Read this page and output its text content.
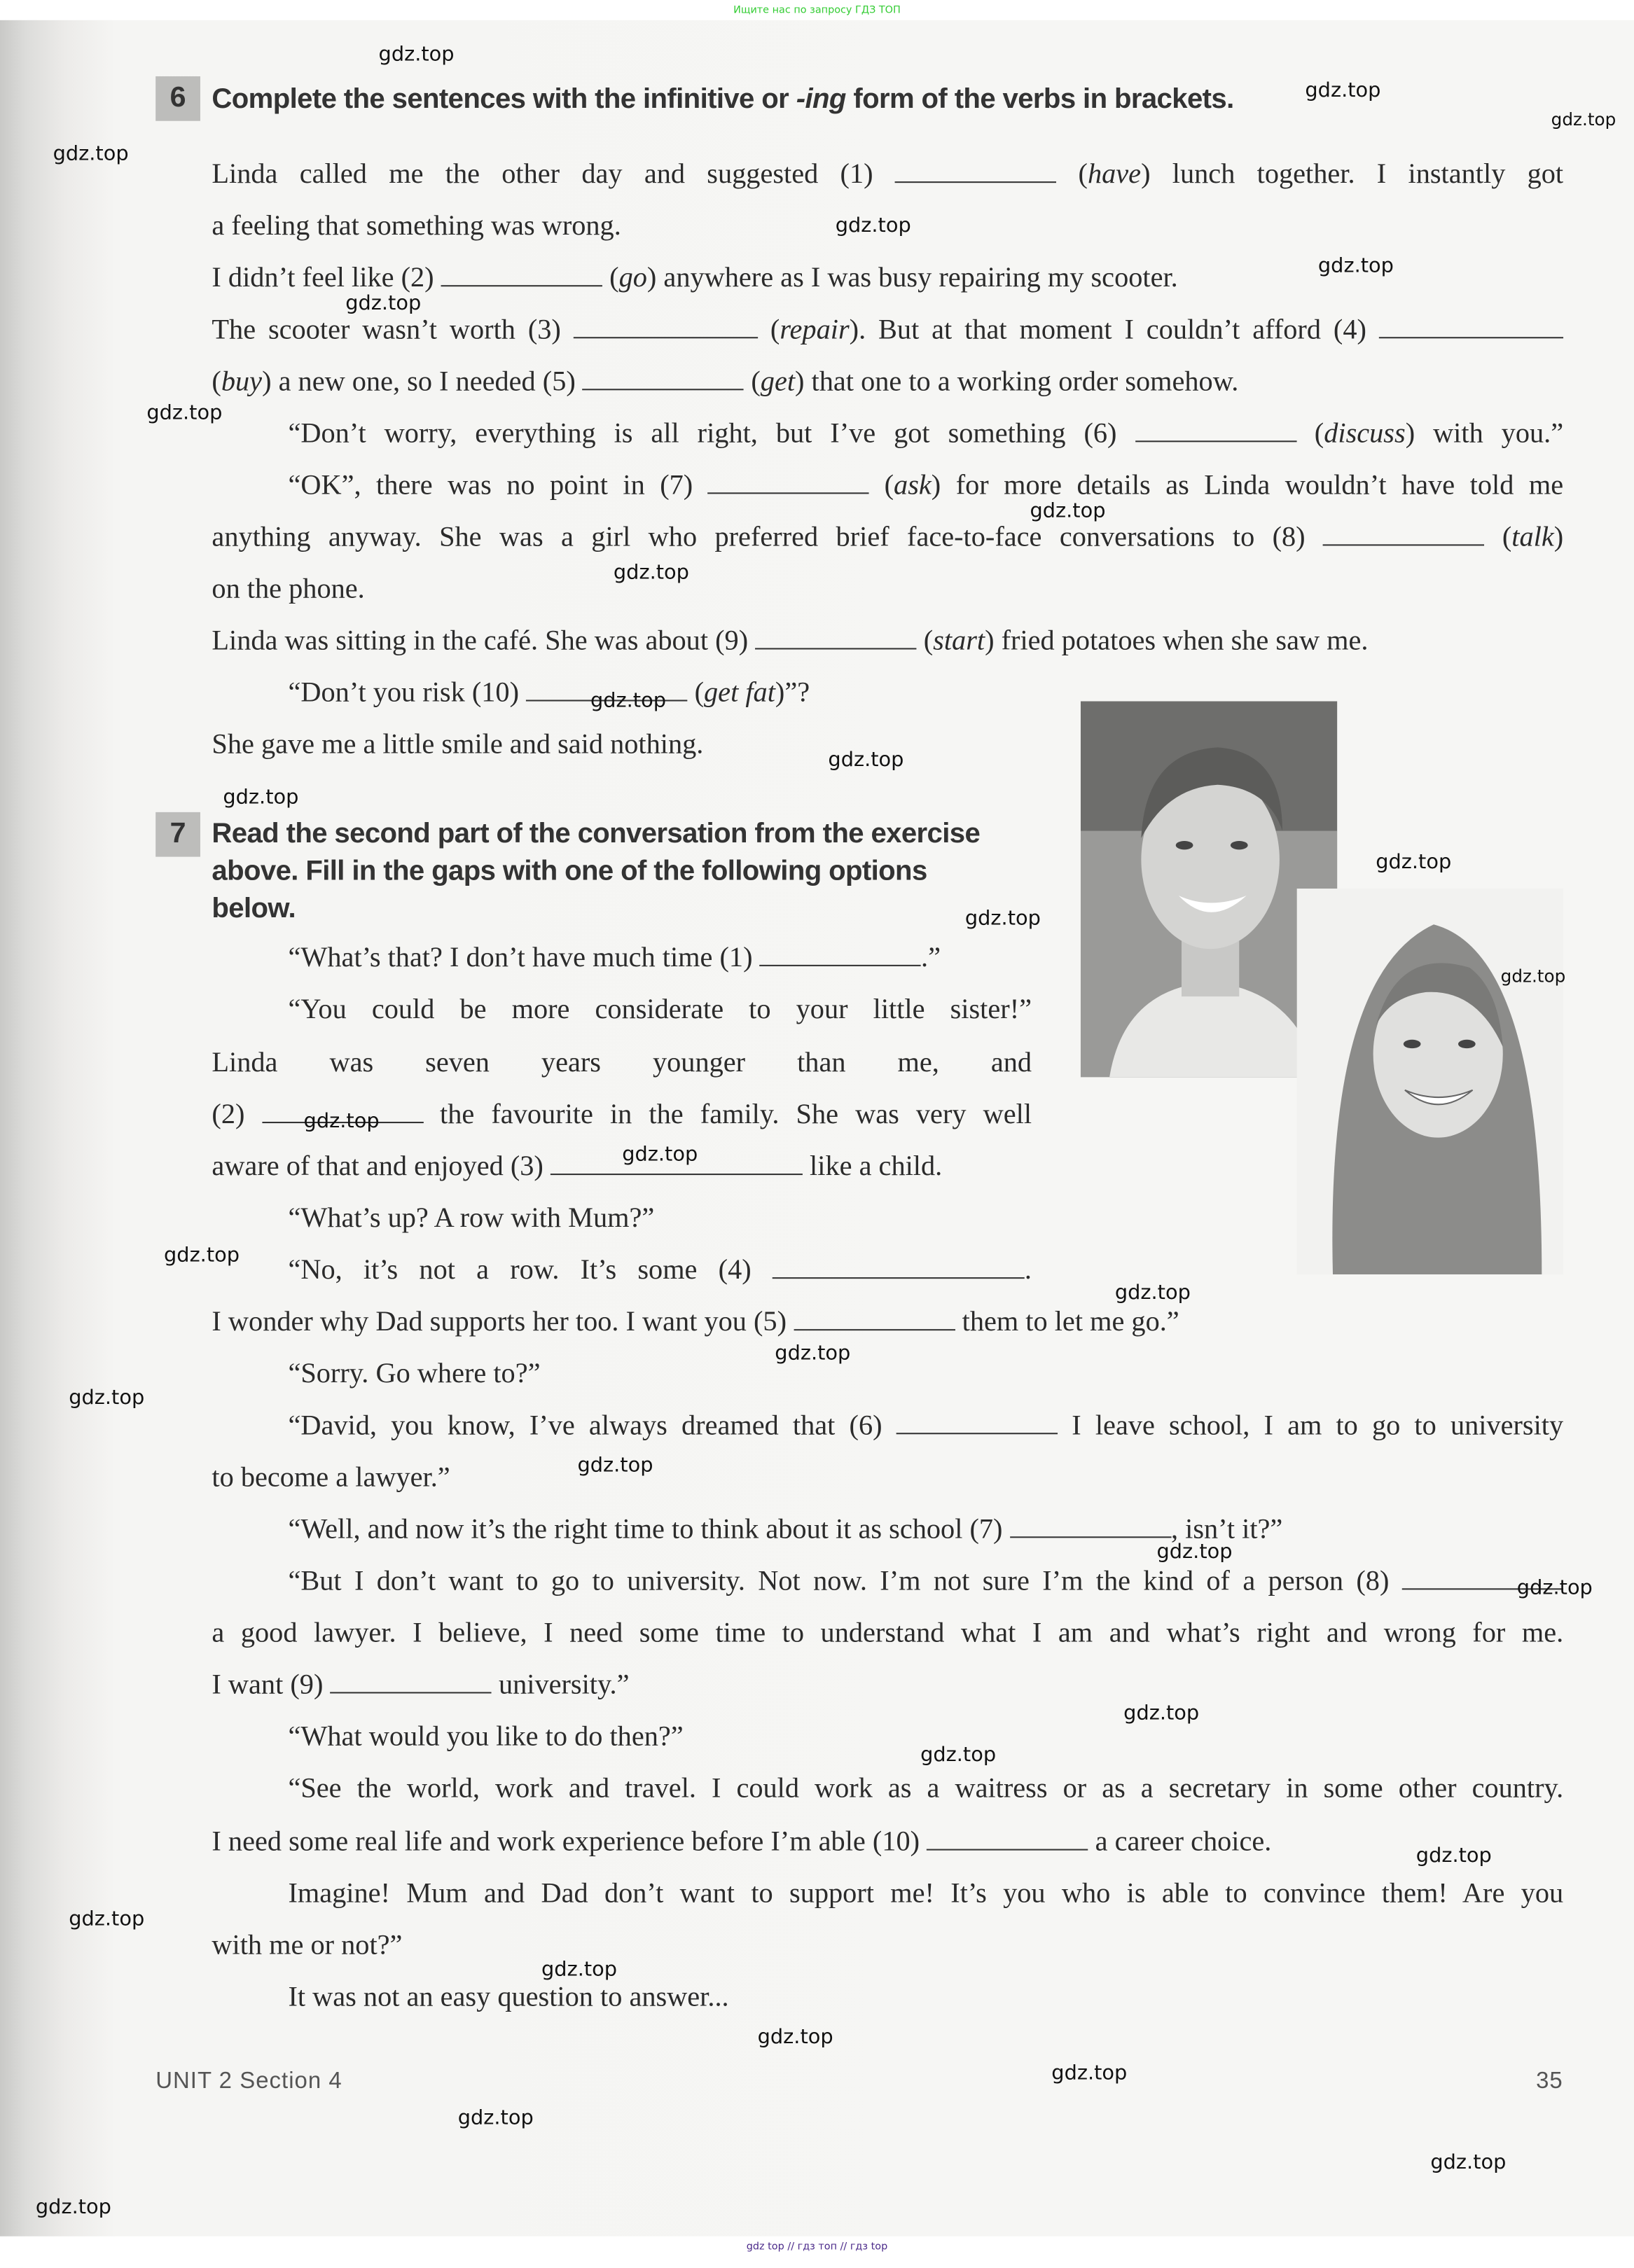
Ищите нас по запросу ГДЗ ТОП
6	Complete the sentences with the infinitive or -ing form of the verbs in brackets.
Linda called me the other day and suggested (1)	(have) lunch together. I instantly got
a feeling that something was wrong.
I didn’t feel like (2)	(go) anywhere as I was busy repairing my scooter.
The scooter wasn’t worth (3)	(repair). But at that moment I couldn’t afford (4)
(buy) a new one, so I needed (5)	(get) that one to a working order somehow.
“Don’t worry, everything is all right, but I’ve got something (6)	(discuss) with you.”
“OK”, there was no point in (7)	(ask) for more details as Linda wouldn’t have told me
anything anyway. She was a girl who preferred brief face-to-face conversations to (8)	(talk)
on the phone.
Linda was sitting in the café. She was about (9)	(start) fried potatoes when she saw me.
“Don’t you risk (10)	(get fat)”?
She gave me a little smile and said nothing.
7	Read the second part of the conversation from the exercise
above. Fill in the gaps with one of the following options
below.
“What’s that? I don’t have much time (1)	.”
“You could be more considerate to your little sister!”
Linda was seven years younger than me, and
(2)	the favourite in the family. She was very well
aware of that and enjoyed (3)	like a child.
“What’s up? A row with Mum?”
“No, it’s not a row. It’s some (4)	.
I wonder why Dad supports her too. I want you (5)	them to let me go.”
“Sorry. Go where to?”
“David, you know, I’ve always dreamed that (6)	I leave school, I am to go to university
to become a lawyer.”
“Well, and now it’s the right time to think about it as school (7)	, isn’t it?”
“But I don’t want to go to university. Not now. I’m not sure I’m the kind of a person (8)
a good lawyer. I believe, I need some time to understand what I am and what’s right and wrong for me.
I want (9)	university.”
“What would you like to do then?”
“See the world, work and travel. I could work as a waitress or as a secretary in some other country.
I need some real life and work experience before I’m able (10)	a career choice.
Imagine! Mum and Dad don’t want to support me! It’s you who is able to convince them! Are you
with me or not?”
It was not an easy question to answer...
UNIT 2 Section 4	35
gdz.top
gdz.top
gdz.top
gdz.top
gdz.top
gdz.top
gdz.top
gdz.top
gdz.top
gdz.top
gdz.top
gdz.top
gdz.top
gdz.top
gdz.top
gdz.top
gdz.top
gdz.top
gdz.top
gdz.top
gdz.top
gdz.top
gdz.top
gdz.top
gdz.top
gdz.top
gdz.top
gdz.top
gdz.top
gdz.top
gdz.top
gdz.top
gdz.top
gdz.top
gdz.top
gdz top // гдз топ // гдз top
